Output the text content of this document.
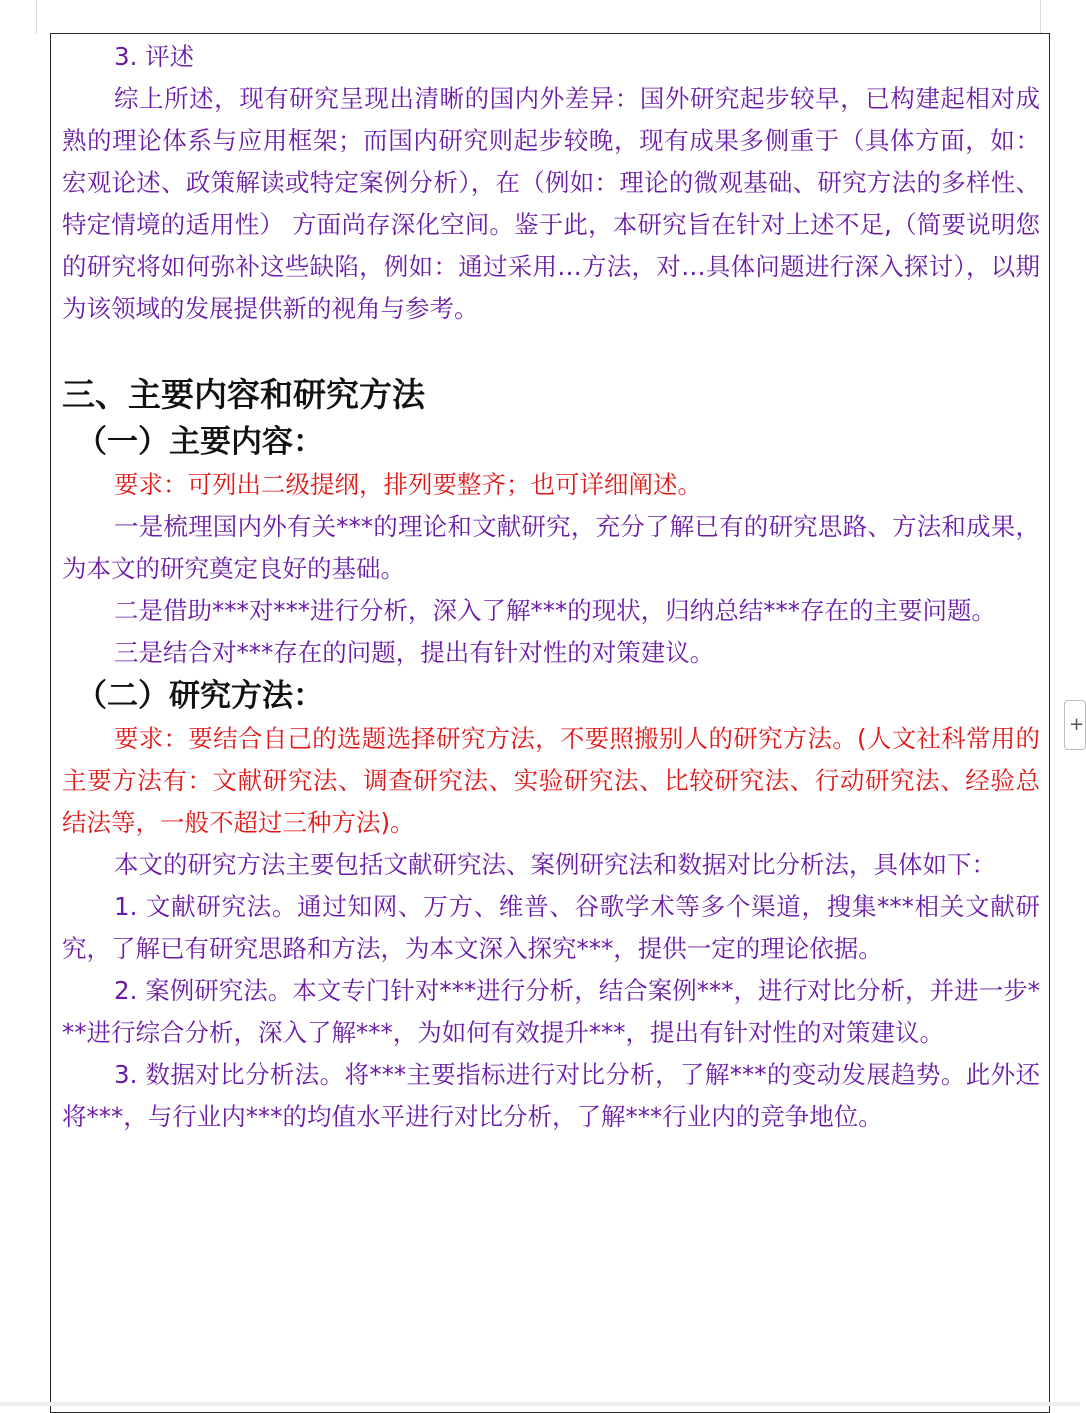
3. 评述

综上所述，现有研究呈现出清晰的国内外差异：国外研究起步较早，已构建起相对成熟的理论体系与应用框架；而国内研究则起步较晚，现有成果多侧重于（具体方面，如：宏观论述、政策解读或特定案例分析），在（例如：理论的微观基础、研究方法的多样性、特定情境的适用性） 方面尚存深化空间。鉴于此，本研究旨在针对上述不足,（简要说明您的研究将如何弥补这些缺陷，例如：通过采用…方法，对…具体问题进行深入探讨），以期为该领域的发展提供新的视角与参考。

三、主要内容和研究方法

（一）主要内容：

要求：可列出二级提纲，排列要整齐；也可详细阐述。

一是梳理国内外有关***的理论和文献研究，充分了解已有的研究思路、方法和成果，为本文的研究奠定良好的基础。

二是借助***对***进行分析，深入了解***的现状，归纳总结***存在的主要问题。

三是结合对***存在的问题，提出有针对性的对策建议。

（二）研究方法：

要求：要结合自己的选题选择研究方法，不要照搬别人的研究方法。(人文社科常用的主要方法有：文献研究法、调查研究法、实验研究法、比较研究法、行动研究法、经验总结法等，一般不超过三种方法)。

本文的研究方法主要包括文献研究法、案例研究法和数据对比分析法，具体如下：

1. 文献研究法。通过知网、万方、维普、谷歌学术等多个渠道，搜集***相关文献研究，了解已有研究思路和方法，为本文深入探究***，提供一定的理论依据。

2. 案例研究法。本文专门针对***进行分析，结合案例***，进行对比分析，并进一步***进行综合分析，深入了解***，为如何有效提升***，提出有针对性的对策建议。

3. 数据对比分析法。将***主要指标进行对比分析，了解***的变动发展趋势。此外还将***，与行业内***的均值水平进行对比分析，了解***行业内的竞争地位。

+
